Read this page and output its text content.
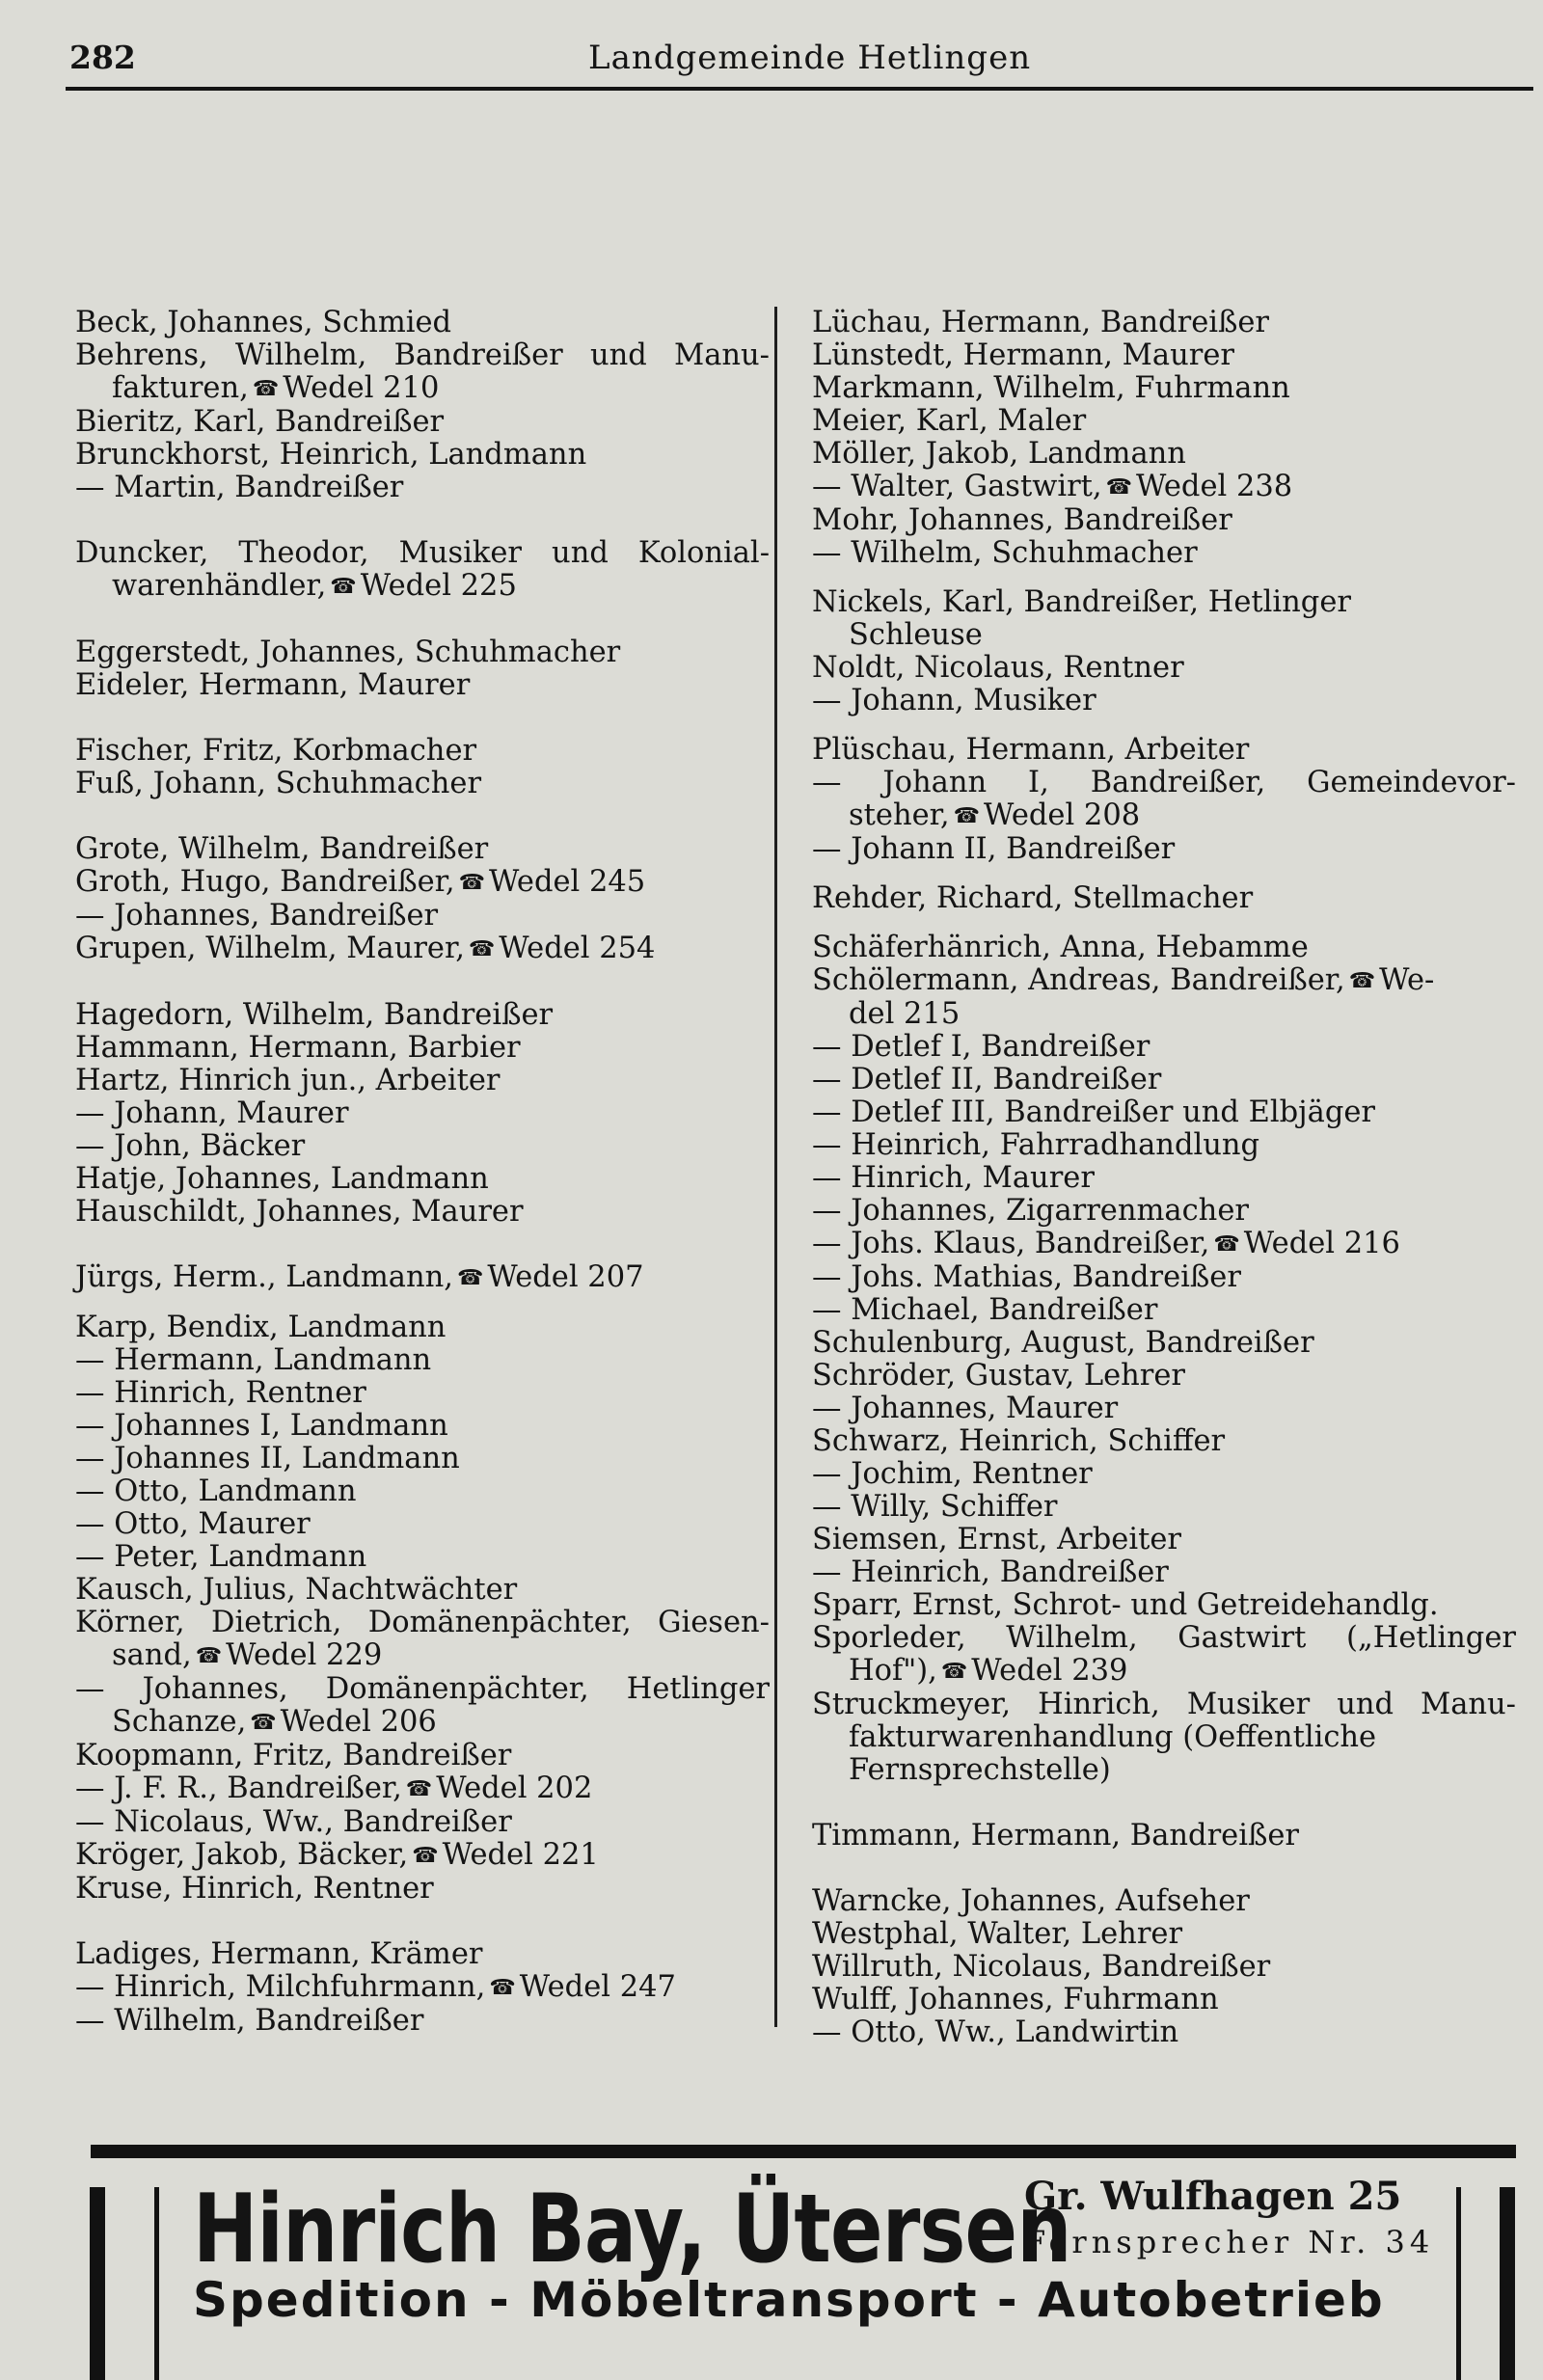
282	Landgemeinde Hetlingen
Beck, Johannes, Schmied
Behrens, Wilhelm, Bandreißer und Manu-
fakturen,☎Wedel 210
Bieritz, Karl, Bandreißer
Brunckhorst, Heinrich, Landmann
— Martin, Bandreißer
Duncker, Theodor, Musiker und Kolonial-
warenhändler,☎Wedel 225
Eggerstedt, Johannes, Schuhmacher
Eideler, Hermann, Maurer
Fischer, Fritz, Korbmacher
Fuß, Johann, Schuhmacher
Grote, Wilhelm, Bandreißer
Groth, Hugo, Bandreißer,☎Wedel 245
— Johannes, Bandreißer
Grupen, Wilhelm, Maurer,☎Wedel 254
Hagedorn, Wilhelm, Bandreißer
Hammann, Hermann, Barbier
Hartz, Hinrich jun., Arbeiter
— Johann, Maurer
— John, Bäcker
Hatje, Johannes, Landmann
Hauschildt, Johannes, Maurer
Jürgs, Herm., Landmann,☎Wedel 207
Karp, Bendix, Landmann
— Hermann, Landmann
— Hinrich, Rentner
— Johannes I, Landmann
— Johannes II, Landmann
— Otto, Landmann
— Otto, Maurer
— Peter, Landmann
Kausch, Julius, Nachtwächter
Körner, Dietrich, Domänenpächter, Giesen-
sand,☎Wedel 229
— Johannes, Domänenpächter, Hetlinger
Schanze,☎Wedel 206
Koopmann, Fritz, Bandreißer
— J. F. R., Bandreißer,☎Wedel 202
— Nicolaus, Ww., Bandreißer
Kröger, Jakob, Bäcker,☎Wedel 221
Kruse, Hinrich, Rentner
Ladiges, Hermann, Krämer
— Hinrich, Milchfuhrmann,☎Wedel 247
— Wilhelm, Bandreißer
Lüchau, Hermann, Bandreißer
Lünstedt, Hermann, Maurer
Markmann, Wilhelm, Fuhrmann
Meier, Karl, Maler
Möller, Jakob, Landmann
— Walter, Gastwirt,☎Wedel 238
Mohr, Johannes, Bandreißer
— Wilhelm, Schuhmacher
Nickels, Karl, Bandreißer, Hetlinger
Schleuse
Noldt, Nicolaus, Rentner
— Johann, Musiker
Plüschau, Hermann, Arbeiter
— Johann I, Bandreißer, Gemeindevor-
steher,☎Wedel 208
— Johann II, Bandreißer
Rehder, Richard, Stellmacher
Schäferhänrich, Anna, Hebamme
Schölermann, Andreas, Bandreißer,☎We-
del 215
— Detlef I, Bandreißer
— Detlef II, Bandreißer
— Detlef III, Bandreißer und Elbjäger
— Heinrich, Fahrradhandlung
— Hinrich, Maurer
— Johannes, Zigarrenmacher
— Johs. Klaus, Bandreißer,☎Wedel 216
— Johs. Mathias, Bandreißer
— Michael, Bandreißer
Schulenburg, August, Bandreißer
Schröder, Gustav, Lehrer
— Johannes, Maurer
Schwarz, Heinrich, Schiffer
— Jochim, Rentner
— Willy, Schiffer
Siemsen, Ernst, Arbeiter
— Heinrich, Bandreißer
Sparr, Ernst, Schrot- und Getreidehandlg.
Sporleder, Wilhelm, Gastwirt („Hetlinger
Hof"),☎Wedel 239
Struckmeyer, Hinrich, Musiker und Manu-
fakturwarenhandlung (Oeffentliche
Fernsprechstelle)
Timmann, Hermann, Bandreißer
Warncke, Johannes, Aufseher
Westphal, Walter, Lehrer
Willruth, Nicolaus, Bandreißer
Wulff, Johannes, Fuhrmann
— Otto, Ww., Landwirtin
Hinrich Bay, Ütersen
Gr. Wulfhagen 25
Fernsprecher Nr. 34
Spedition - Möbeltransport - Autobetrieb
